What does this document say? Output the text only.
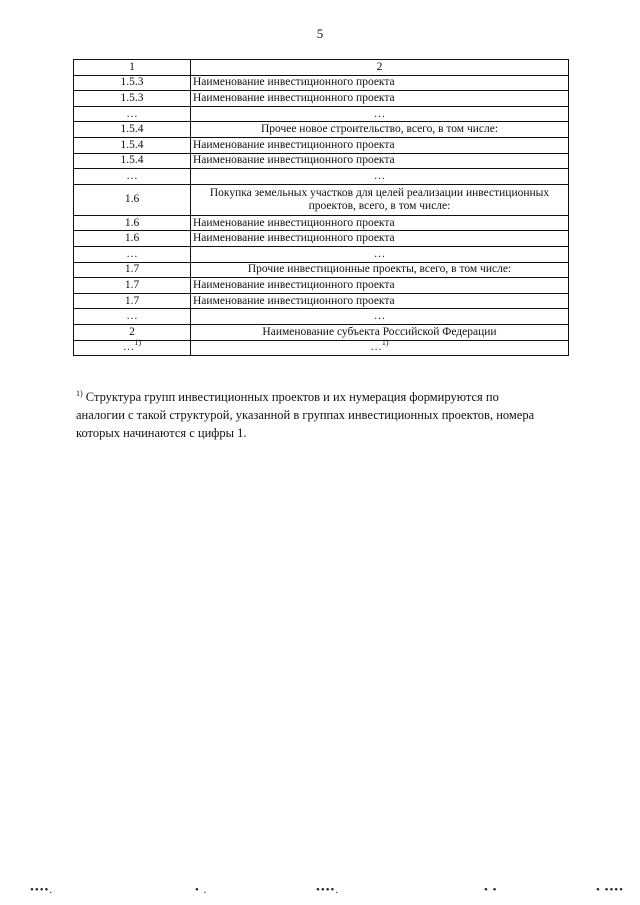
5
1	2
1.5.3	Наименование инвестиционного проекта
1.5.3	Наименование инвестиционного проекта
…	…
1.5.4	Прочее новое строительство, всего, в том числе:
1.5.4	Наименование инвестиционного проекта
1.5.4	Наименование инвестиционного проекта
…	…
1.6	Покупка земельных участков для целей реализации инвестиционных проектов, всего, в том числе:
1.6	Наименование инвестиционного проекта
1.6	Наименование инвестиционного проекта
…	…
1.7	Прочие инвестиционные проекты, всего, в том числе:
1.7	Наименование инвестиционного проекта
1.7	Наименование инвестиционного проекта
…	…
2	Наименование субъекта Российской Федерации
…$^{1)}$	…$^{1)}$
$^{1)}$ Структура групп инвестиционных проектов и их нумерация формируются по аналогии с такой структурой, указанной в группах инвестиционных проектов, номера которых начинаются с цифры 1.
••••.	• .	••••.	• •	• ••••
